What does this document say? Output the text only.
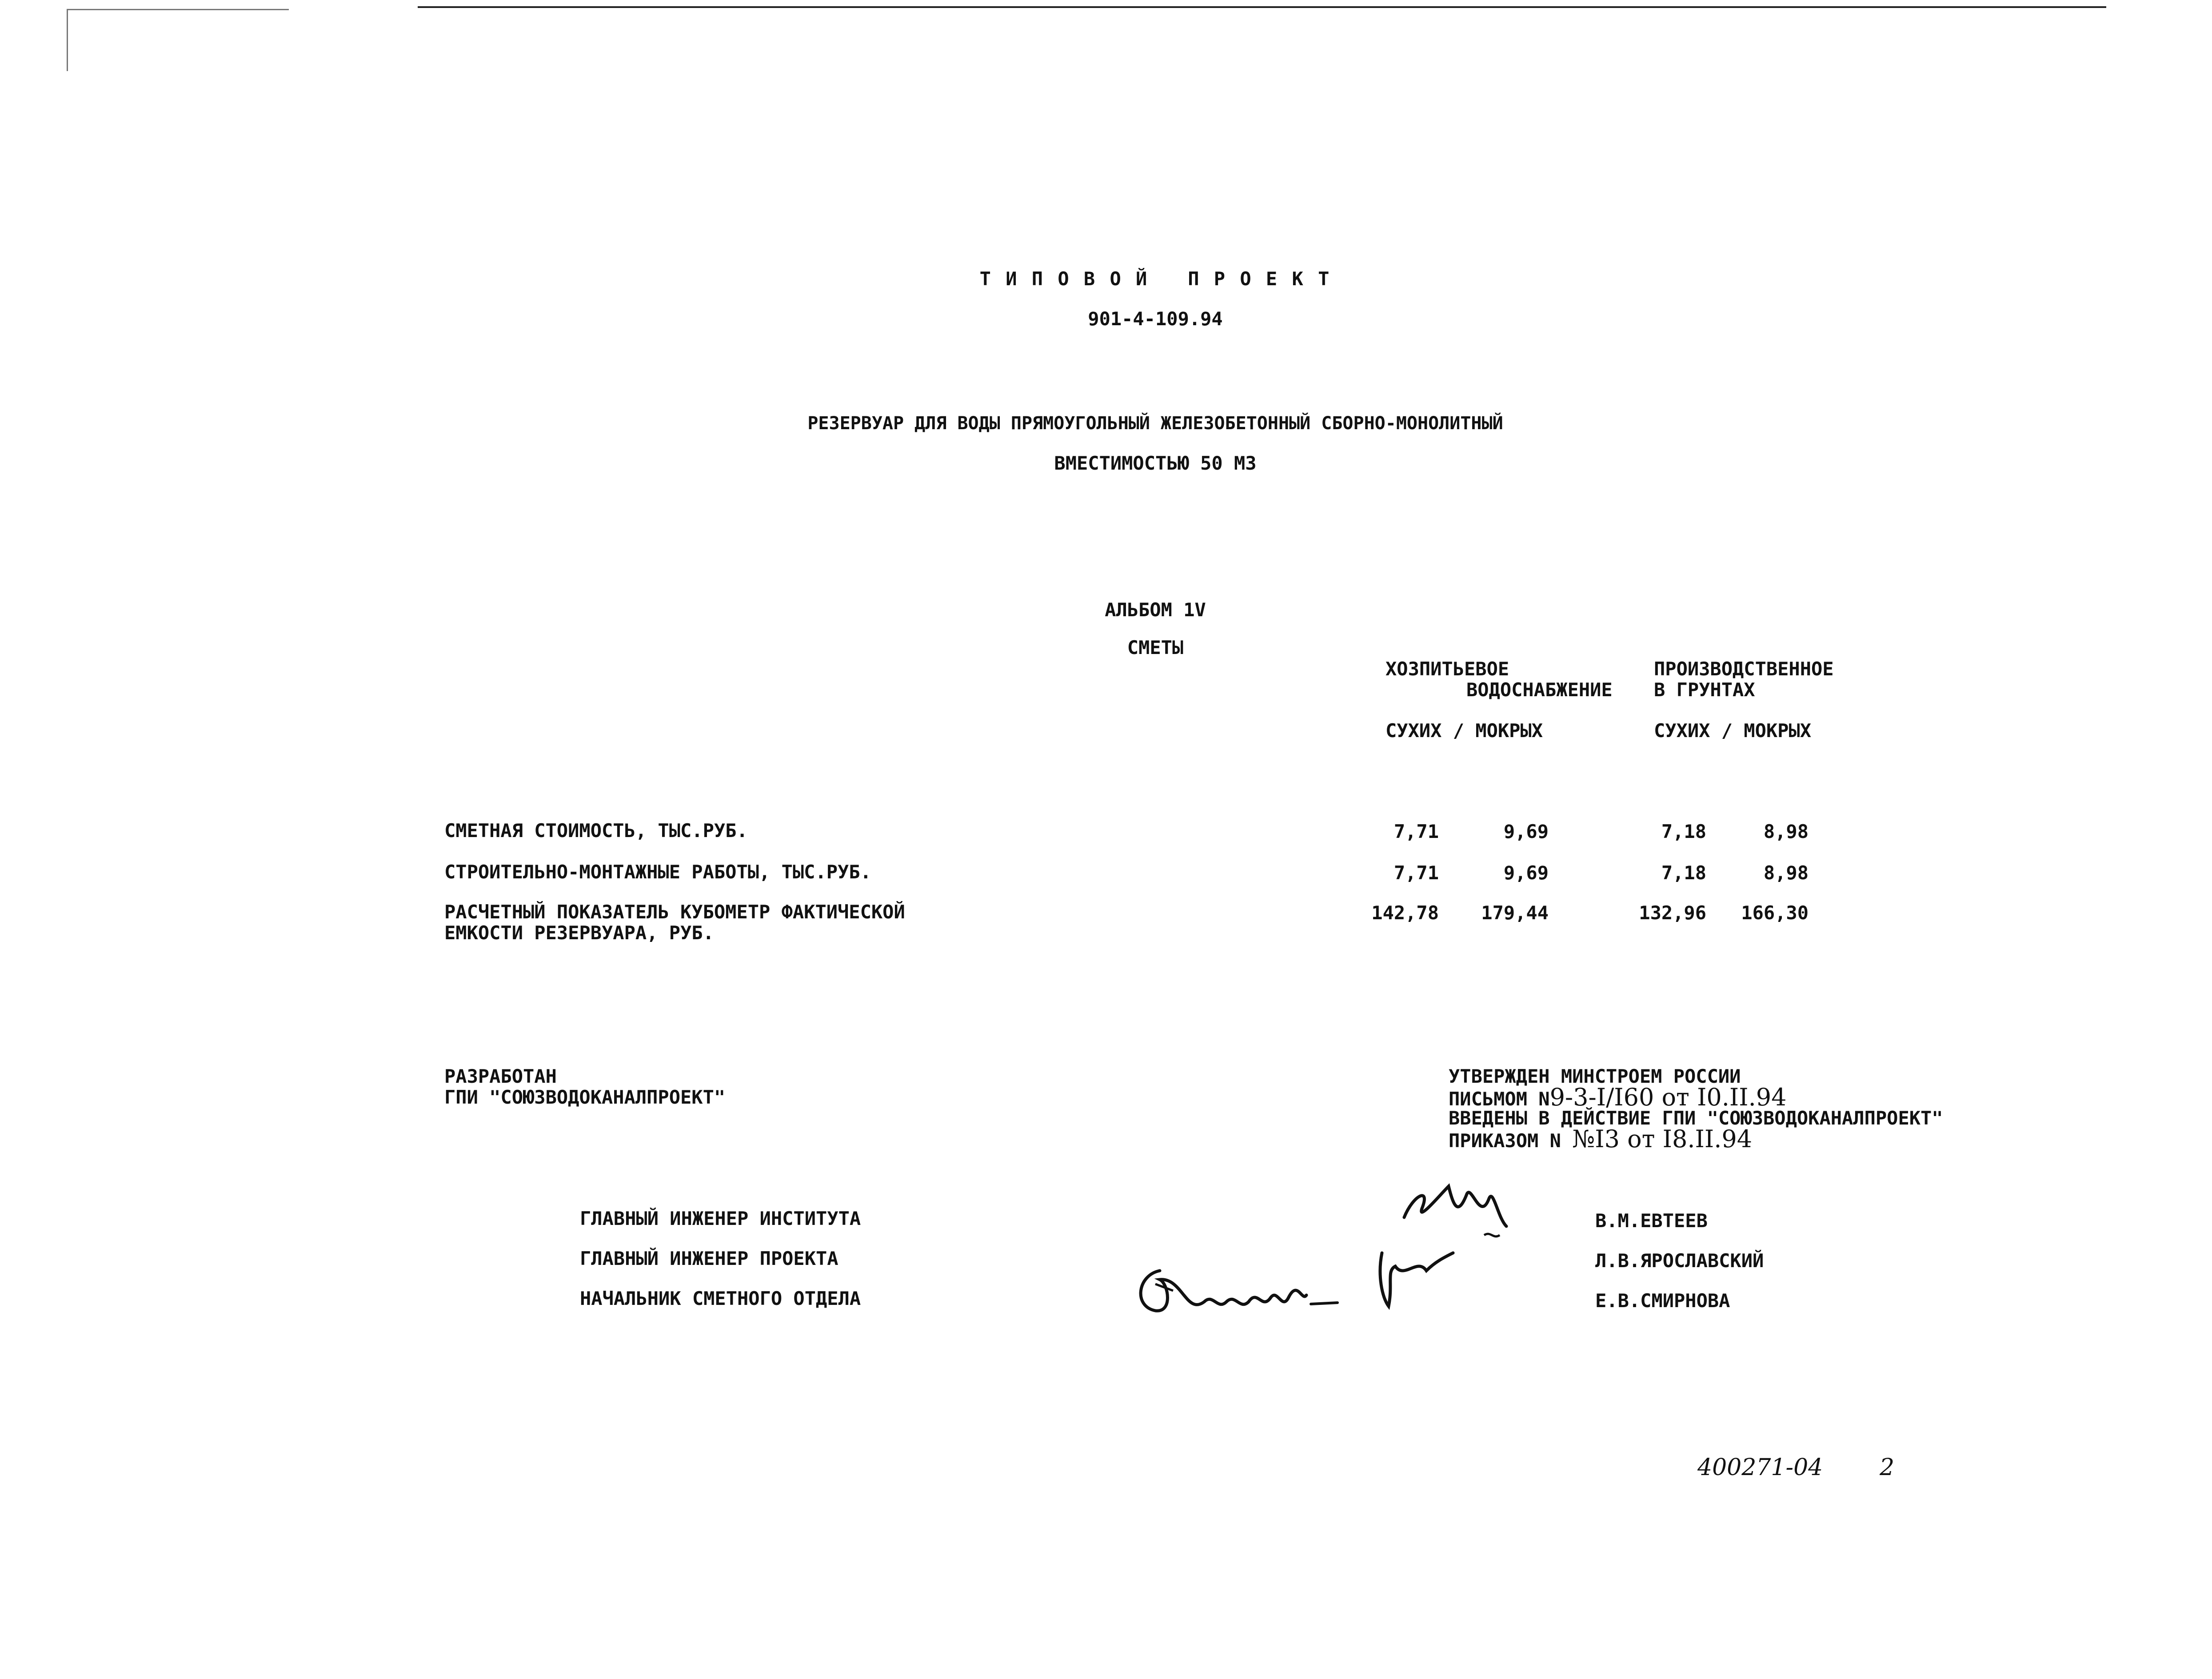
Т И П О В О Й   П Р О Е К Т
901-4-109.94
РЕЗЕРВУАР ДЛЯ ВОДЫ ПРЯМОУГОЛЬНЫЙ ЖЕЛЕЗОБЕТОННЫЙ СБОРНО-МОНОЛИТНЫЙ
ВМЕСТИМОСТЬЮ 50 М3
АЛЬБОМ 1V
СМЕТЫ
ХОЗПИТЬЕВОЕ
ВОДОСНАБЖЕНИЕ
ПРОИЗВОДСТВЕННОЕ
В ГРУНТАХ
СУХИХ / МОКРЫХ	СУХИХ / МОКРЫХ
СМЕТНАЯ СТОИМОСТЬ, ТЫС.РУБ.	7,71	9,69	7,18	8,98
СТРОИТЕЛЬНО-МОНТАЖНЫЕ РАБОТЫ, ТЫС.РУБ.	7,71	9,69	7,18	8,98
РАСЧЕТНЫЙ ПОКАЗАТЕЛЬ КУБОМЕТР ФАКТИЧЕСКОЙ
ЕМКОСТИ РЕЗЕРВУАРА, РУБ.
142,78	179,44	132,96	166,30
РАЗРАБОТАН
ГПИ "СОЮЗВОДОКАНАЛПРОЕКТ"
УТВЕРЖДЕН МИНСТРОЕМ РОССИИ
ПИСЬМОМ N9-3-I/I60 от I0.II.94
ВВЕДЕНЫ В ДЕЙСТВИЕ ГПИ "СОЮЗВОДОКАНАЛПРОЕКТ"
ПРИКАЗОМ N №I3 от I8.II.94
ГЛАВНЫЙ ИНЖЕНЕР ИНСТИТУТА	В.М.ЕВТЕЕВ
ГЛАВНЫЙ ИНЖЕНЕР ПРОЕКТА	Л.В.ЯРОСЛАВСКИЙ
НАЧАЛЬНИК СМЕТНОГО ОТДЕЛА	Е.В.СМИРНОВА
400271-04 2
